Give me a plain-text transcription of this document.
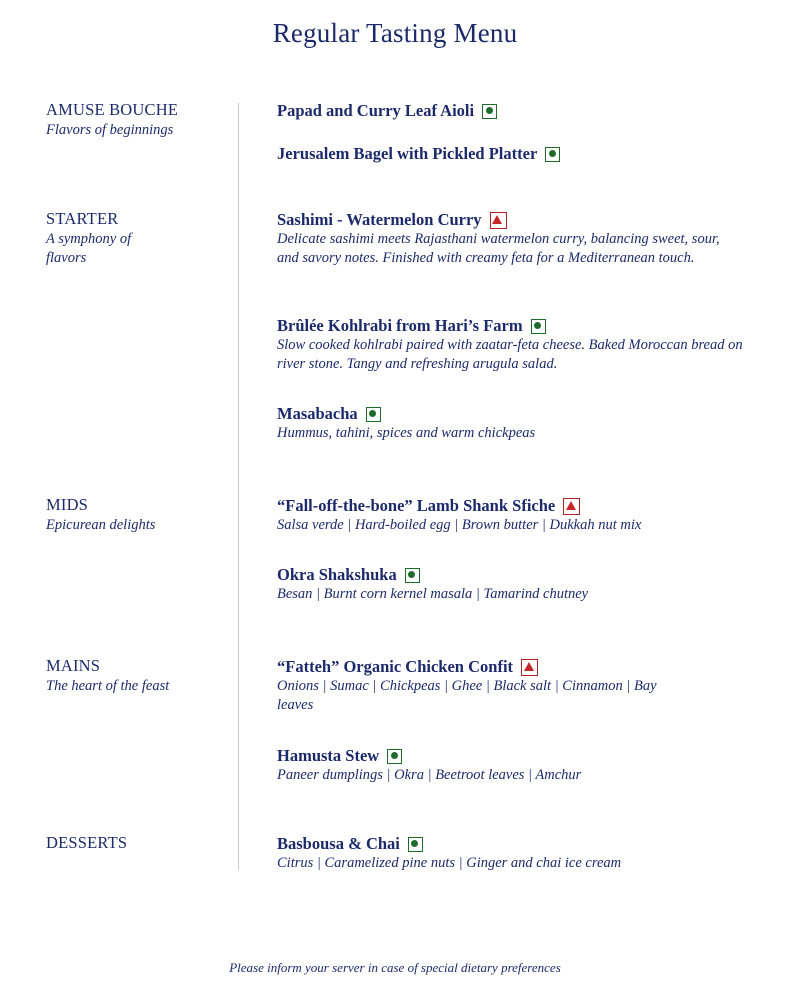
Regular Tasting Menu
AMUSE BOUCHE
Flavors of beginnings
Papad and Curry Leaf Aioli
Jerusalem Bagel with Pickled Platter
STARTER
A symphony of flavors
Sashimi - Watermelon Curry
Delicate sashimi meets Rajasthani watermelon curry, balancing sweet, sour, and savory notes. Finished with creamy feta for a Mediterranean touch.
Brûlée Kohlrabi from Hari’s Farm
Slow cooked kohlrabi paired with zaatar-feta cheese. Baked Moroccan bread on river stone. Tangy and refreshing arugula salad.
Masabacha
Hummus, tahini, spices and warm chickpeas
MIDS
Epicurean delights
“Fall-off-the-bone” Lamb Shank Sfiche
Salsa verde | Hard-boiled egg | Brown butter | Dukkah nut mix
Okra Shakshuka
Besan | Burnt corn kernel masala | Tamarind chutney
MAINS
The heart of the feast
“Fatteh” Organic Chicken Confit
Onions | Sumac | Chickpeas | Ghee | Black salt | Cinnamon | Bay leaves
Hamusta Stew
Paneer dumplings | Okra | Beetroot leaves | Amchur
DESSERTS	Basbousa & Chai
Citrus | Caramelized pine nuts | Ginger and chai ice cream
Please inform your server in case of special dietary preferences
